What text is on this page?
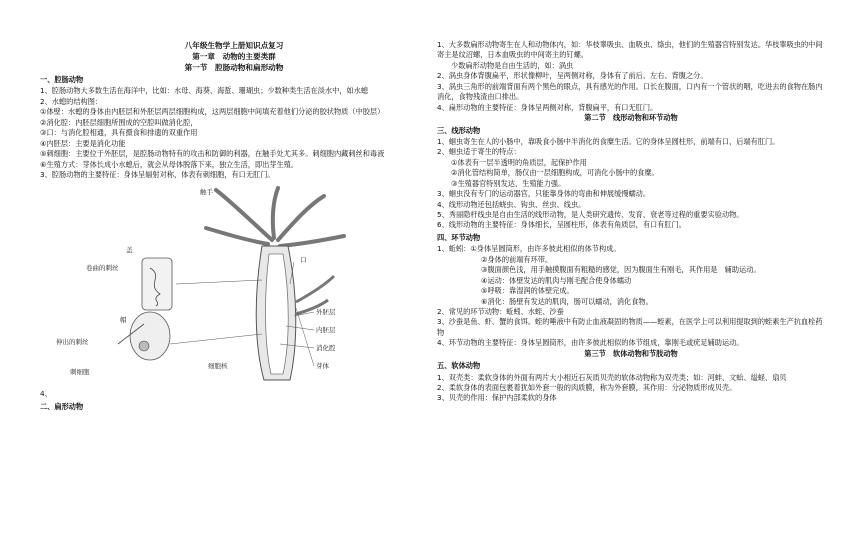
八年级生物学上册知识点复习

第一章　动物的主要类群

第一节　腔肠动物和扁形动物

一、腔肠动物

1、腔肠动物大多数生活在海洋中，比如：水母、海葵、海蜇、珊瑚虫；少数种类生活在淡水中，如水螅

2、水螅的结构图：

①体壁：水螅的身体由内胚层和外胚层两层细胞构成，这两层细胞中间填充着他们分泌的胶状物质（中胶层）

②消化腔：内胚层细胞所围成的空腔叫做消化腔，

③口：与消化腔相通，具有摄食和排遗的双重作用

④内胚层：主要是消化功能

⑤刺细胞：主要位于外胚层，是腔肠动物特有的攻击和防御的利器，在触手处尤其多。刺细胞内藏刺丝和毒液

⑥生殖方式：芽体长成小水螅后，就会从母体脱落下来，独立生活，即出芽生殖。

3、腔肠动物的主要特征：身体呈辐射对称，体表有刺细胞，有口无肛门。

触手
卷曲的刺丝
盖
口
帽
伸出的刺丝
刺细胞
细胞核
外胚层
内胚层
消化腔
芽体

4、

二、扁形动物

1、大多数扁形动物寄生在人和动物体内，如：华枝睾吸虫、血吸虫、绦虫，他们的生殖器官特别发达。华枝睾吸虫的中间寄主是纹沼螺，日本血吸虫的中间寄主的钉螺。

少数扁形动物是自由生活的，如：涡虫

2、涡虫身体背腹扁平，形状像柳叶，呈两侧对称，身体有了前后、左右、背腹之分。

3、涡虫三角形的前端背面有两个黑色的眼点，具有感光的作用。口长在腹面，口内有一个管状的咽，吃进去的食物在肠内消化，食物残渣由口排出。

4、扁形动物的主要特征：身体呈两侧对称，背腹扁平，有口无肛门。

第二节　线形动物和环节动物

三、线形动物

1、蛔虫寄生在人的小肠中，靠吸食小肠中半消化的食糜生活。它的身体呈圆柱形，前端有口，后端有肛门。

2、蛔虫适于寄生的特点：

①体表有一层半透明的角质层，起保护作用

②消化管结构简单，肠仅由一层细胞构成，可消化小肠中的食糜。

③生殖器官特别发达，生殖能力强。

3、蛔虫没有专门的运动器官，只能靠身体的弯曲和伸展缓慢蠕动。

4、线形动物还包括蛲虫、钩虫、丝虫、线虫。

5、秀丽隐杆线虫是自由生活的线形动物，是人类研究遗传、发育、衰老等过程的重要实验动物。

6、线形动物的主要特征：身体细长，呈圆柱形，体表有角质层，有口有肛门。

四、环节动物

1、蚯蚓：①身体呈圆筒形，由许多彼此相似的体节构成。

②身体的前端有环带。

③腹面颜色浅，用手触摸腹面有粗糙的感觉，因为腹面生有刚毛，其作用是　辅助运动。

④运动：体壁发达的肌肉与刚毛配合使身体蠕动

⑤呼吸：靠湿润的体壁完成。

⑥消化：肠壁有发达的肌肉，肠可以蠕动，消化食物。

2、常见的环节动物：蚯蚓、水蛭、沙蚕

3、沙蚕是鱼、虾、蟹的食饵。蛭的唾液中有防止血液凝固的物质——蛭素，在医学上可以利用提取到的蛭素生产抗血栓药物

4、环节动物的主要特征：身体呈圆筒形，由许多彼此相似的体节组成，靠刚毛或疣足辅助运动。

第三节　软体动物和节肢动物

五、软体动物

1、双壳类：柔软身体的外面有两片大小相近石灰质贝壳的软体动物称为双壳类；如：河蚌、文蛤、缢蛏、扇贝

2、柔软身体的表面包裹着犹如外套一般的肉质膜，称为外套膜，其作用：分泌物质形成贝壳。

3、贝壳的作用：保护内部柔软的身体
